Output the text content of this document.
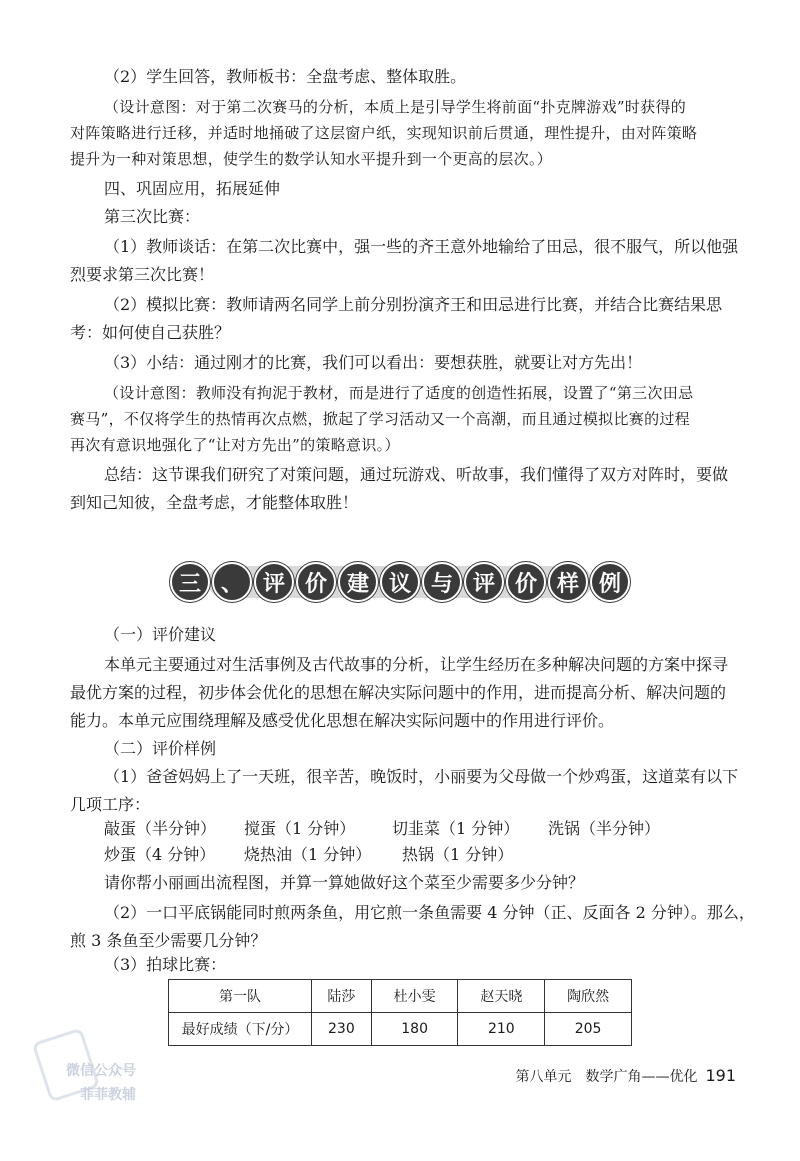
（2）学生回答，教师板书：全盘考虑、整体取胜。
（设计意图：对于第二次赛马的分析，本质上是引导学生将前面“扑克牌游戏”时获得的
对阵策略进行迁移，并适时地捅破了这层窗户纸，实现知识前后贯通，理性提升，由对阵策略
提升为一种对策思想，使学生的数学认知水平提升到一个更高的层次。）
四、巩固应用，拓展延伸
第三次比赛：
（1）教师谈话：在第二次比赛中，强一些的齐王意外地输给了田忌，很不服气，所以他强
烈要求第三次比赛！
（2）模拟比赛：教师请两名同学上前分别扮演齐王和田忌进行比赛，并结合比赛结果思
考：如何使自己获胜？
（3）小结：通过刚才的比赛，我们可以看出：要想获胜，就要让对方先出！
（设计意图：教师没有拘泥于教材，而是进行了适度的创造性拓展，设置了“第三次田忌
赛马”，不仅将学生的热情再次点燃，掀起了学习活动又一个高潮，而且通过模拟比赛的过程
再次有意识地强化了“让对方先出”的策略意识。）
总结：这节课我们研究了对策问题，通过玩游戏、听故事，我们懂得了双方对阵时，要做
到知己知彼，全盘考虑，才能整体取胜！
三 、 评 价 建 议 与 评 价 样 例
（一）评价建议
本单元主要通过对生活事例及古代故事的分析，让学生经历在多种解决问题的方案中探寻
最优方案的过程，初步体会优化的思想在解决实际问题中的作用，进而提高分析、解决问题的
能力。本单元应围绕理解及感受优化思想在解决实际问题中的作用进行评价。
（二）评价样例
（1）爸爸妈妈上了一天班，很辛苦，晚饭时，小丽要为父母做一个炒鸡蛋，这道菜有以下
几项工序：
敲蛋（半分钟） 搅蛋（1 分钟） 切韭菜（1 分钟） 洗锅（半分钟）
炒蛋（4 分钟） 烧热油（1 分钟） 热锅（1 分钟）
请你帮小丽画出流程图，并算一算她做好这个菜至少需要多少分钟？
（2）一口平底锅能同时煎两条鱼，用它煎一条鱼需要 4 分钟（正、反面各 2 分钟）。那么，
煎 3 条鱼至少需要几分钟？
（3）拍球比赛：
第一队	陆莎	杜小雯	赵天晓	陶欣然
最好成绩（下/分）	230	180	210	205
微信公众号
菲菲教辅
第八单元　数学广角——优化 191
